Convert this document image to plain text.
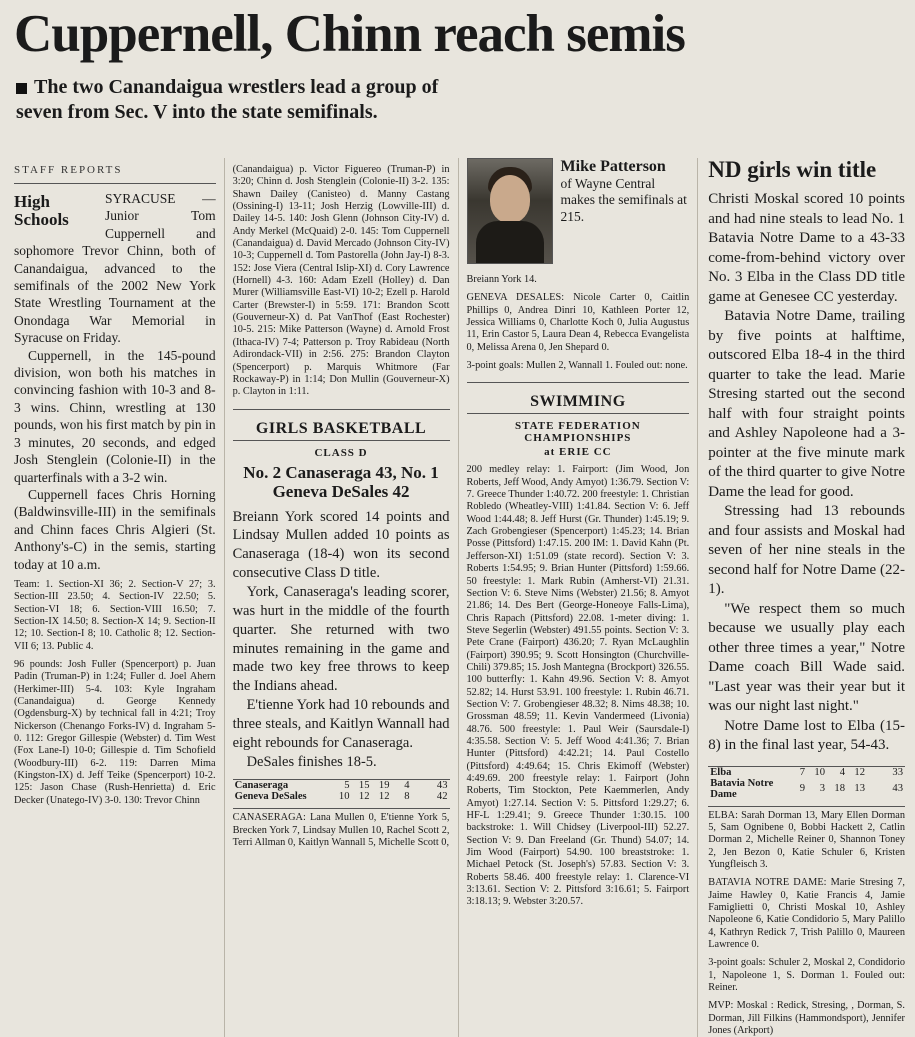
Cuppernell, Chinn reach semis
The two Canandaigua wrestlers lead a group of seven from Sec. V into the state semifinals.
STAFF REPORTS
High Schools

SYRACUSE — Junior Tom Cuppernell and sophomore Trevor Chinn, both of Canandaigua, advanced to the semifinals of the 2002 New York State Wrestling Tournament at the Onondaga War Memorial in Syracuse on Friday.

Cuppernell, in the 145-pound division, won both his matches in convincing fashion with 10-3 and 8-3 wins. Chinn, wrestling at 130 pounds, won his first match by pin in 3 minutes, 20 seconds, and edged Josh Stenglein (Colonie-II) in the quarterfinals with a 3-2 win.

Cuppernell faces Chris Horning (Baldwinsville-III) in the semifinals and Chinn faces Chris Algieri (St. Anthony's-C) in the semis, starting today at 10 a.m.

Team: 1. Section-XI 36; 2. Section-V 27; 3. Section-III 23.50; 4. Section-IV 22.50; 5. Section-VI 18; 6. Section-VIII 16.50; 7. Section-IX 14.50; 8. Section-X 14; 9. Section-II 12; 10. Section-I 8; 10. Catholic 8; 12. Section-VII 6; 13. Public 4.
96 pounds: Josh Fuller (Spencerport) p. Juan Padin (Truman-P) in 1:24; Fuller d. Joel Ahern (Herkimer-III) 5-4. 103: Kyle Ingraham (Canandaigua) d. George Kennedy (Ogdensburg-X) by technical fall in 4:21; Troy Nickerson (Chenango Forks-IV) d. Ingraham 5-0. 112: Gregor Gillespie (Webster) d. Tim West (Fox Lane-I) 10-0; Gillespie d. Tim Schofield (Woodbury-III) 6-2. 119: Darren Mima (Kingston-IX) d. Jeff Teike (Spencerport) 10-2. 125: Jason Chase (Rush-Henrietta) d. Eric Decker (Unatego-IV) 3-0. 130: Trevor Chinn
(Canandaigua) p. Victor Figuereo (Truman-P) in 3:20; Chinn d. Josh Stenglein (Colonie-II) 3-2. 135: Shawn Dailey (Canisteo) d. Manny Castang (Ossining-I) 13-11; Josh Herzig (Lowville-III) d. Dailey 14-5. 140: Josh Glenn (Johnson City-IV) d. Andy Merkel (McQuaid) 2-0. 145: Tom Cuppernell (Canandaigua) d. David Mercado (Johnson City-IV) 10-3; Cuppernell d. Tom Pastorella (John Jay-I) 8-3. 152: Jose Viera (Central Islip-XI) d. Cory Lawrence (Hornell) 4-3. 160: Adam Ezell (Holley) d. Dan Murer (Williamsville East-VI) 10-2; Ezell p. Harold Carter (Brewster-I) in 5:59. 171: Brandon Scott (Gouverneur-X) d. Pat VanThof (East Rochester) 10-5. 215: Mike Patterson (Wayne) d. Arnold Frost (Ithaca-IV) 7-4; Patterson p. Troy Rabideau (North Adirondack-VII) in 2:56. 275: Brandon Clayton (Spencerport) p. Marquis Whitmore (Far Rockaway-P) in 1:14; Don Mullin (Gouverneur-X) p. Clayton in 1:11.
GIRLS BASKETBALL
CLASS D
No. 2 Canaseraga 43, No. 1 Geneva DeSales 42

Breiann York scored 14 points and Lindsay Mullen added 10 points as Canaseraga (18-4) won its second consecutive Class D title.

York, Canaseraga's leading scorer, was hurt in the middle of the fourth quarter. She returned with two minutes remaining in the game and made two key free throws to keep the Indians ahead.

E'tienne York had 10 rebounds and three steals, and Kaitlyn Wannall had eight rebounds for Canaseraga.

DeSales finishes 18-5.

Canaseraga	5	15	19	4	43
Geneva DeSales	10	12	12	8	42
CANASERAGA: Lana Mullen 0, E'tienne York 5, Brecken York 7, Lindsay Mullen 10, Rachel Scott 2, Terri Allman 0, Kaitlyn Wannall 5, Michelle Scott 0,
Mike Patterson
of Wayne Central makes the semifinals at 215.
Breiann York 14.
GENEVA DESALES: Nicole Carter 0, Caitlin Phillips 0, Andrea Dinri 10, Kathleen Porter 12, Jessica Williams 0, Charlotte Koch 0, Julia Augustus 11, Erin Castor 5, Laura Dean 4, Rebecca Evangelista 0, Melissa Arena 0, Jen Shepard 0.
3-point goals: Mullen 2, Wannall 1. Fouled out: none.
SWIMMING
STATE FEDERATION CHAMPIONSHIPS
at ERIE CC
200 medley relay: 1. Fairport: (Jim Wood, Jon Roberts, Jeff Wood, Andy Amyot) 1:36.79. Section V: 7. Greece Thunder 1:40.72. 200 freestyle: 1. Christian Robledo (Wheatley-VIII) 1:41.84. Section V: 6. Jeff Wood 1:44.48; 8. Jeff Hurst (Gr. Thunder) 1:45.19; 9. Zach Grobengieser (Spencerport) 1:45.23; 14. Brian Posse (Pittsford) 1:47.15. 200 IM: 1. David Kahn (Pt. Jefferson-XI) 1:51.09 (state record). Section V: 3. Roberts 1:54.95; 9. Brian Hunter (Pittsford) 1:59.66. 50 freestyle: 1. Mark Rubin (Amherst-VI) 21.31. Section V: 6. Steve Nims (Webster) 21.56; 8. Amyot 21.86; 14. Des Bert (George-Honeoye Falls-Lima), Chris Rapach (Pittsford) 22.08. 1-meter diving: 1. Steve Segerlin (Webster) 491.55 points. Section V: 3. Pete Crane (Fairport) 436.20; 7. Ryan McLaughlin (Fairport) 390.95; 9. Scott Honsington (Churchville-Chili) 379.85; 15. Josh Mantegna (Brockport) 326.55. 100 butterfly: 1. Kahn 49.96. Section V: 8. Amyot 52.82; 14. Hurst 53.91. 100 freestyle: 1. Rubin 46.71. Section V: 7. Grobengieser 48.32; 8. Nims 48.38; 10. Grossman 48.59; 11. Kevin Vandermeed (Livonia) 48.76. 500 freestyle: 1. Paul Weir (Saursdale-I) 4:35.58. Section V: 5. Jeff Wood 4:41.36; 7. Brian Hunter (Pittsford) 4:42.21; 14. Paul Costello (Pittsford) 4:49.64; 15. Chris Ekimoff (Webster) 4:49.69. 200 freestyle relay: 1. Fairport (John Roberts, Tim Stockton, Pete Kaemmerlen, Andy Amyot) 1:27.14. Section V: 5. Pittsford 1:29.27; 6. HF-L 1:29.41; 9. Greece Thunder 1:30.15. 100 backstroke: 1. Will Chidsey (Liverpool-III) 52.27. Section V: 9. Dan Freeland (Gr. Thund) 54.07; 14. Jim Wood (Fairport) 54.90. 100 breaststroke: 1. Michael Petock (St. Joseph's) 57.83. Section V: 3. Roberts 58.46. 400 freestyle relay: 1. Clarence-VI 3:13.61. Section V: 2. Pittsford 3:16.61; 5. Fairport 3:18.13; 9. Webster 3:20.57.
ND girls win title

Christi Moskal scored 10 points and had nine steals to lead No. 1 Batavia Notre Dame to a 43-33 come-from-behind victory over No. 3 Elba in the Class DD title game at Genesee CC yesterday.

Batavia Notre Dame, trailing by five points at halftime, outscored Elba 18-4 in the third quarter to take the lead. Marie Stresing started out the second half with four straight points and Ashley Napoleone had a 3-pointer at the five minute mark of the third quarter to give Notre Dame the lead for good.

Stressing had 13 rebounds and four assists and Moskal had seven of her nine steals in the second half for Notre Dame (22-1).

"We respect them so much because we usually play each other three times a year," Notre Dame coach Bill Wade said. "Last year was their year but it was our night last night."

Notre Dame lost to Elba (15-8) in the final last year, 54-43.

Elba	7	10	4	12	33
Batavia Notre Dame	9	3	18	13	43
ELBA: Sarah Dorman 13, Mary Ellen Dorman 5, Sam Ognibene 0, Bobbi Hackett 2, Catlin Dorman 2, Michelle Reiner 0, Shannon Toney 2, Jen Bezon 0, Katie Schuler 6, Kristen Yungfleisch 3.
BATAVIA NOTRE DAME: Marie Stresing 7, Jaime Hawley 0, Katie Francis 4, Jamie Famiglietti 0, Christi Moskal 10, Ashley Napoleone 6, Katie Condidorio 5, Mary Palillo 4, Kathryn Redick 7, Trish Palillo 0, Maureen Lawrence 0.
3-point goals: Schuler 2, Moskal 2, Condidorio 1, Napoleone 1, S. Dorman 1. Fouled out: Reiner.
MVP: Moskal : Redick, Stresing, , Dorman, S. Dorman, Jill Filkins (Hammondsport), Jennifer Jones (Arkport)
